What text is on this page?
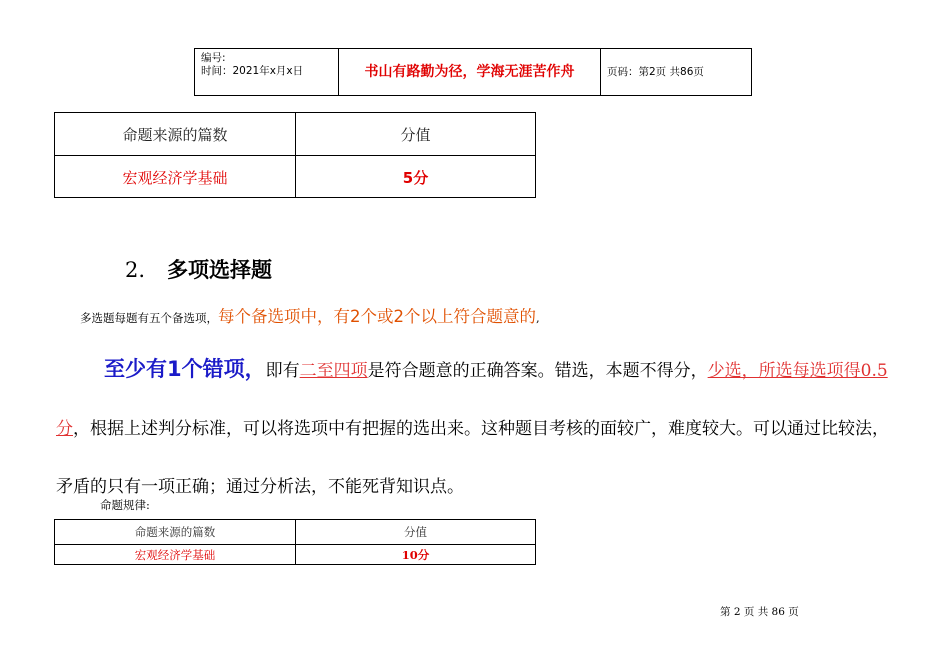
编号:
时间：2021年x月x日	书山有路勤为径，学海无涯苦作舟	页码：第2页 共86页
命题来源的篇数	分值
宏观经济学基础	5分
2. 多项选择题
多选题每题有五个备选项，每个备选项中，有2个或2个以上符合题意的,
至少有1个错项，即有二至四项是符合题意的正确答案。错选，本题不得分，少选，所选每选项得0.5分，根据上述判分标准，可以将选项中有把握的选出来。这种题目考核的面较广，难度较大。可以通过比较法，矛盾的只有一项正确；通过分析法，不能死背知识点。
命题规律:
命题来源的篇数	分值
宏观经济学基础	10分
第 2 页 共 86 页
